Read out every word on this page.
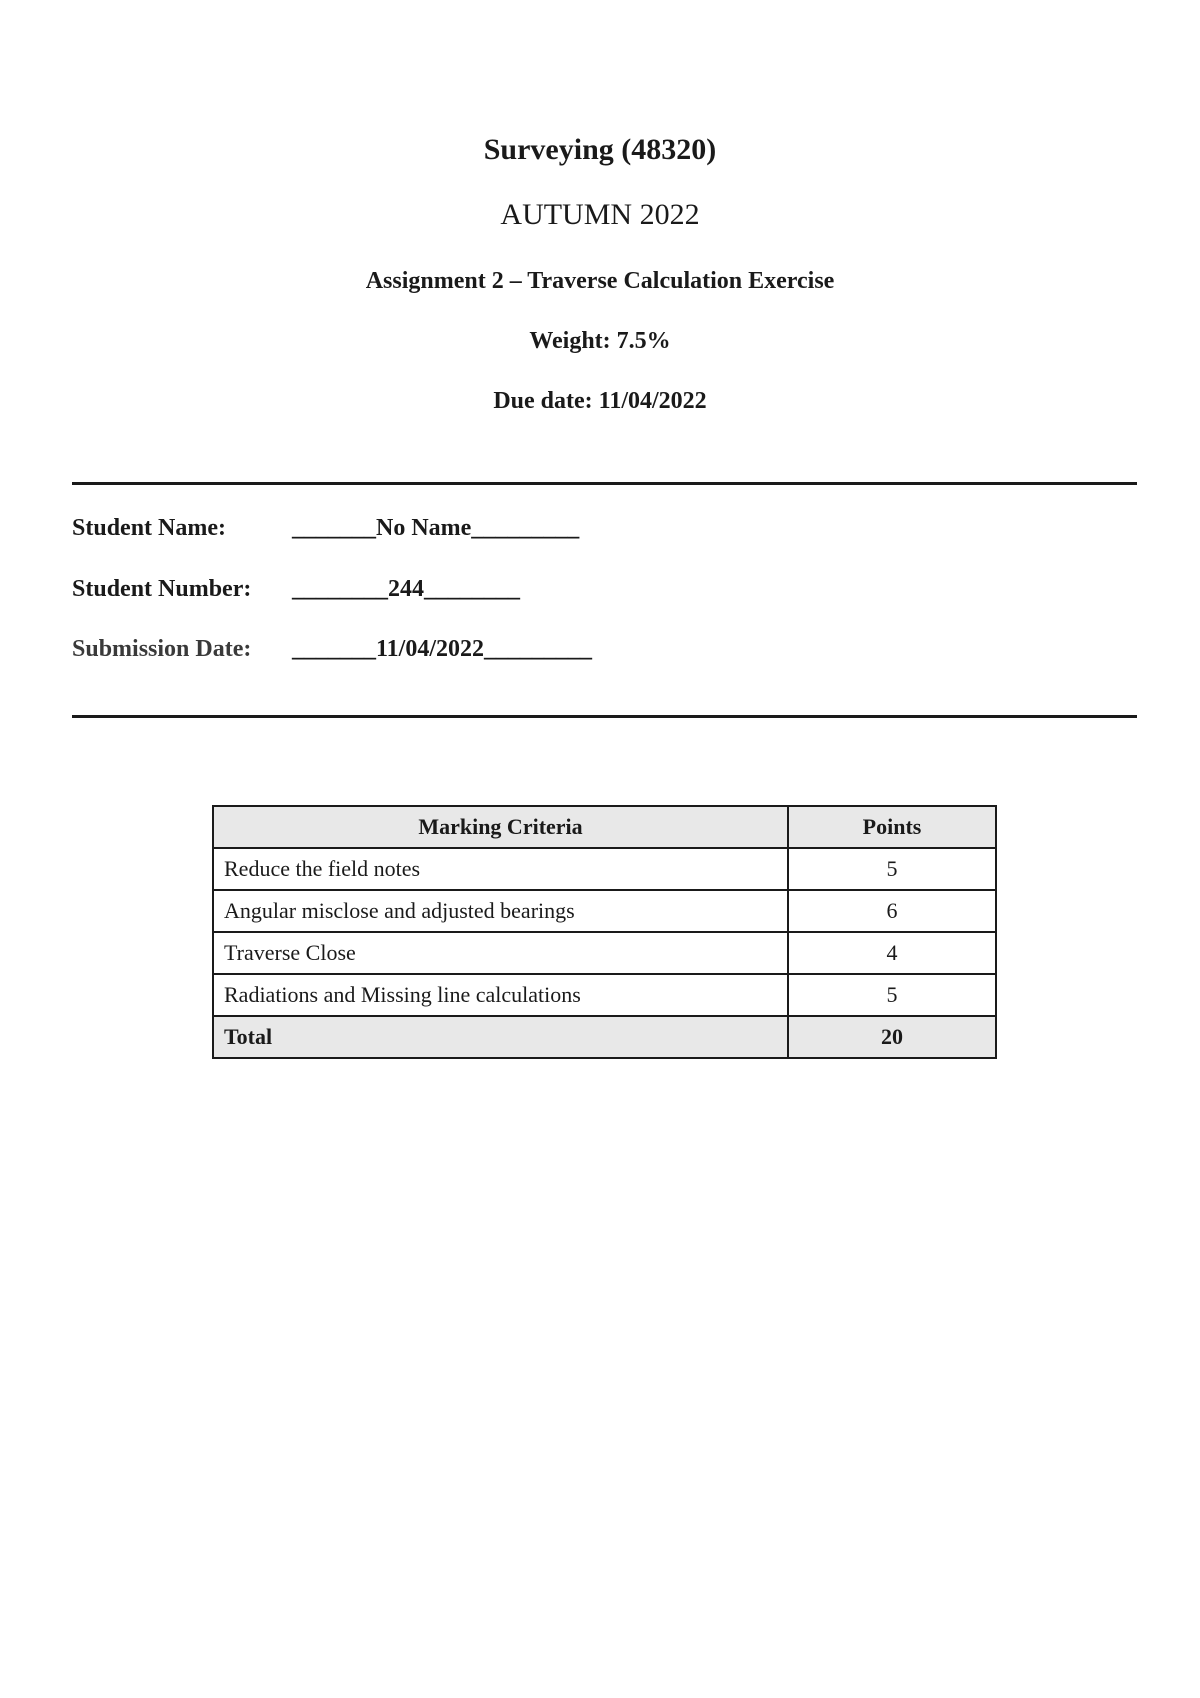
Surveying (48320)
AUTUMN 2022
Assignment 2 – Traverse Calculation Exercise
Weight: 7.5%
Due date: 11/04/2022
Student Name:	_______No Name_________
Student Number: ________244________
Submission Date: _______11/04/2022_________
Marking Criteria	Points
Reduce the field notes	5
Angular misclose and adjusted bearings	6
Traverse Close	4
Radiations and Missing line calculations	5
Total	20
